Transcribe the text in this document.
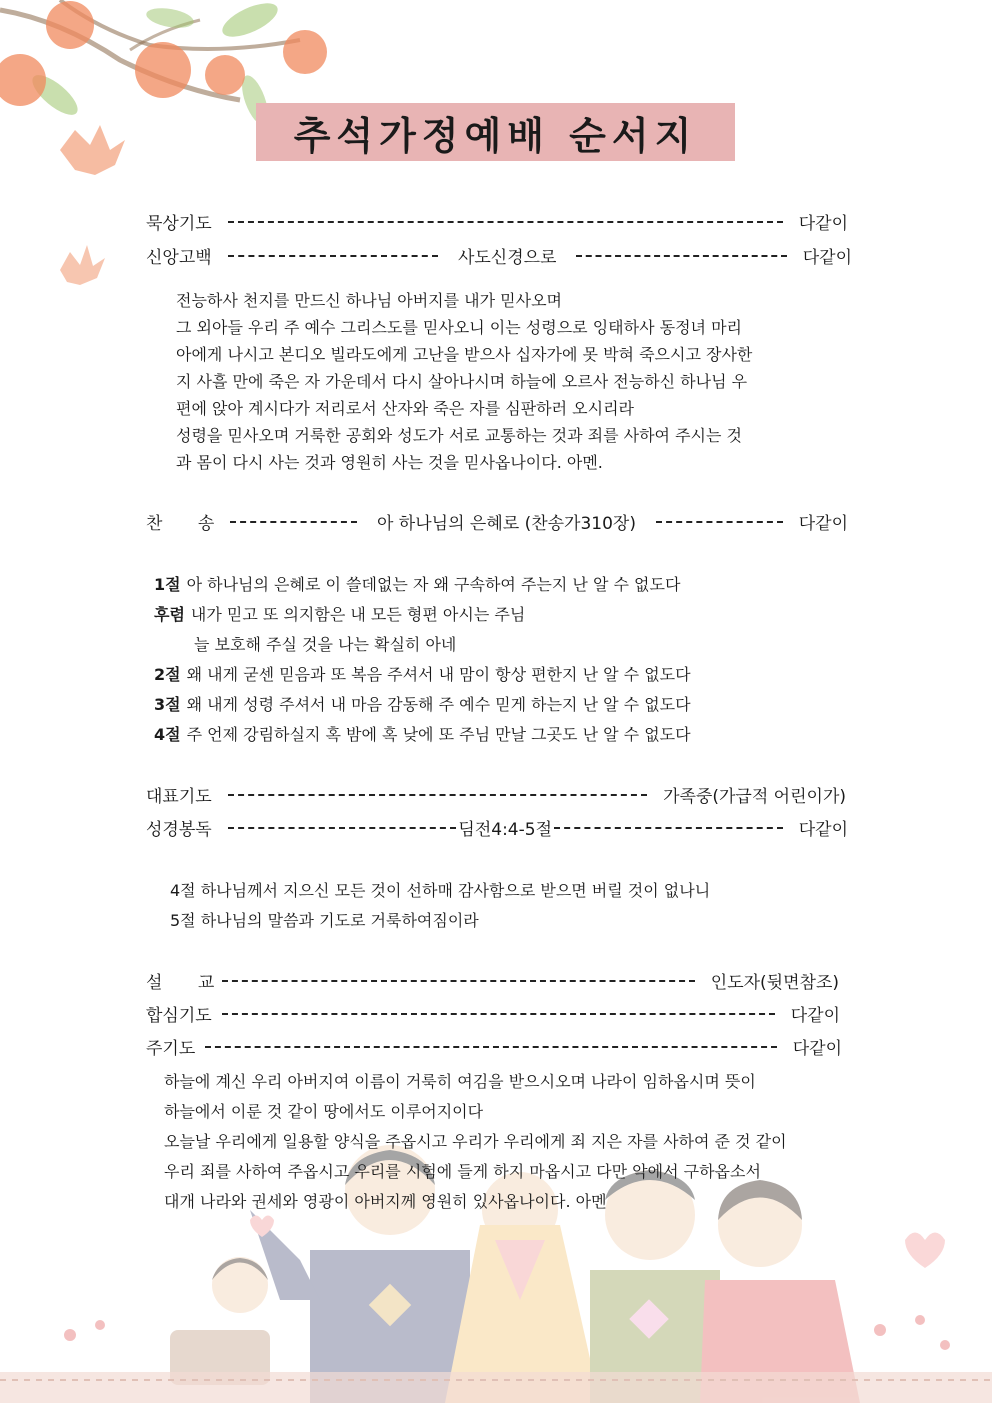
추석가정예배 순서지
묵상기도	다같이
신앙고백	사도신경으로	다같이
전능하사 천지를 만드신 하나님 아버지를 내가 믿사오며
그 외아들 우리 주 예수 그리스도를 믿사오니 이는 성령으로 잉태하사 동정녀 마리
아에게 나시고 본디오 빌라도에게 고난을 받으사 십자가에 못 박혀 죽으시고 장사한
지 사흘 만에 죽은 자 가운데서 다시 살아나시며 하늘에 오르사 전능하신 하나님 우
편에 앉아 계시다가 저리로서 산자와 죽은 자를 심판하러 오시리라
성령을 믿사오며 거룩한 공회와 성도가 서로 교통하는 것과 죄를 사하여 주시는 것
과 몸이 다시 사는 것과 영원히 사는 것을 믿사옵나이다. 아멘.
찬 송	아 하나님의 은혜로 (찬송가310장)	다같이
1절 아 하나님의 은혜로 이 쓸데없는 자 왜 구속하여 주는지 난 알 수 없도다
후렴 내가 믿고 또 의지함은 내 모든 형편 아시는 주님
늘 보호해 주실 것을 나는 확실히 아네
2절 왜 내게 굳센 믿음과 또 복음 주셔서 내 맘이 항상 편한지 난 알 수 없도다
3절 왜 내게 성령 주셔서 내 마음 감동해 주 예수 믿게 하는지 난 알 수 없도다
4절 주 언제 강림하실지 혹 밤에 혹 낮에 또 주님 만날 그곳도 난 알 수 없도다
대표기도	가족중(가급적 어린이가)
성경봉독	딤전4:4-5절	다같이
4절 하나님께서 지으신 모든 것이 선하매 감사함으로 받으면 버릴 것이 없나니
5절 하나님의 말씀과 기도로 거룩하여짐이라
설 교	인도자(뒷면참조)
합심기도	다같이
주기도	다같이
하늘에 계신 우리 아버지여 이름이 거룩히 여김을 받으시오며 나라이 임하옵시며 뜻이
하늘에서 이룬 것 같이 땅에서도 이루어지이다
오늘날 우리에게 일용할 양식을 주옵시고 우리가 우리에게 죄 지은 자를 사하여 준 것 같이
우리 죄를 사하여 주옵시고 우리를 시험에 들게 하지 마옵시고 다만 악에서 구하옵소서
대개 나라와 권세와 영광이 아버지께 영원히 있사옵나이다. 아멘
